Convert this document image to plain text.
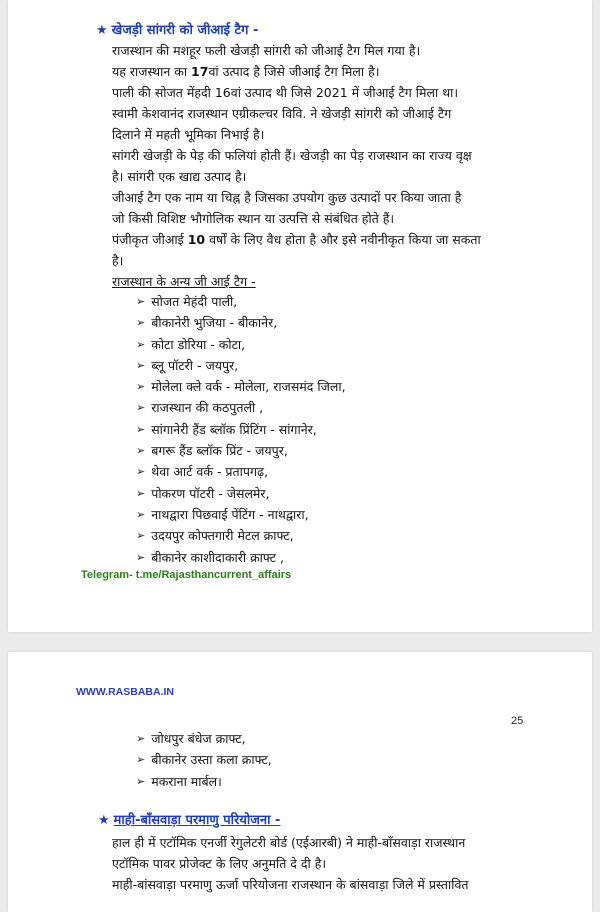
★ खेजड़ी सांगरी को जीआई टैग -
राजस्थान की मशहूर फली खेजड़ी सांगरी को जीआई टैग मिल गया है।
यह राजस्थान का 17वां उत्पाद है जिसे जीआई टैग मिला है।
पाली की सोजत मेंहदी 16वां उत्पाद थी जिसे 2021 में जीआई टैग मिला था।
स्वामी केशवानंद राजस्थान एग्रीकल्चर विवि. ने खेजड़ी सांगरी को जीआई टैग
दिलाने में महती भूमिका निभाई है।
सांगरी खेजड़ी के पेड़ की फलियां होती हैं। खेजड़ी का पेड़ राजस्थान का राज्य वृक्ष
है। सांगरी एक खाद्य उत्पाद है।
जीआई टैग एक नाम या चिह्न है जिसका उपयोग कुछ उत्पादों पर किया जाता है
जो किसी विशिष्ट भौगोलिक स्थान या उत्पत्ति से संबंधित होते हैं।
पंजीकृत जीआई 10 वर्षों के लिए वैध होता है और इसे नवीनीकृत किया जा सकता
है।
राजस्थान के अन्य जी आई टैग -
➢ सोजत मेहंदी पाली,
➢ बीकानेरी भुजिया - बीकानेर,
➢ कोटा डोरिया - कोटा,
➢ ब्लू पॉटरी - जयपुर,
➢ मोलेला क्ले वर्क - मोलेला, राजसमंद जिला,
➢ राजस्थान की कठपुतली ,
➢ सांगानेरी हैंड ब्लॉक प्रिंटिंग - सांगानेर,
➢ बगरू हैंड ब्लॉक प्रिंट - जयपुर,
➢ थेवा आर्ट वर्क - प्रतापगढ़,
➢ पोकरण पॉटरी - जेसलमेर,
➢ नाथद्वारा पिछवाई पेंटिंग - नाथद्वारा,
➢ उदयपुर कोफ्तगारी मेटल क्राफ्ट,
➢ बीकानेर काशीदाकारी क्राफ्ट ,
Telegram- t.me/Rajasthancurrent_affairs
WWW.RASBABA.IN
25
➢ जोधपुर बंधेज क्राफ्ट,
➢ बीकानेर उस्ता कला क्राफ्ट,
➢ मकराना मार्बल।
★ माही-बाँसवाड़ा परमाणु परियोजना -
हाल ही में एटॉमिक एनर्जी रेगुलेटरी बोर्ड (एईआरबी) ने माही-बाँसवाड़ा राजस्थान
एटॉमिक पावर प्रोजेक्ट के लिए अनुमति दे दी है।
माही-बांसवाड़ा परमाणु ऊर्जा परियोजना राजस्थान के बांसवाड़ा जिले में प्रस्तावित
